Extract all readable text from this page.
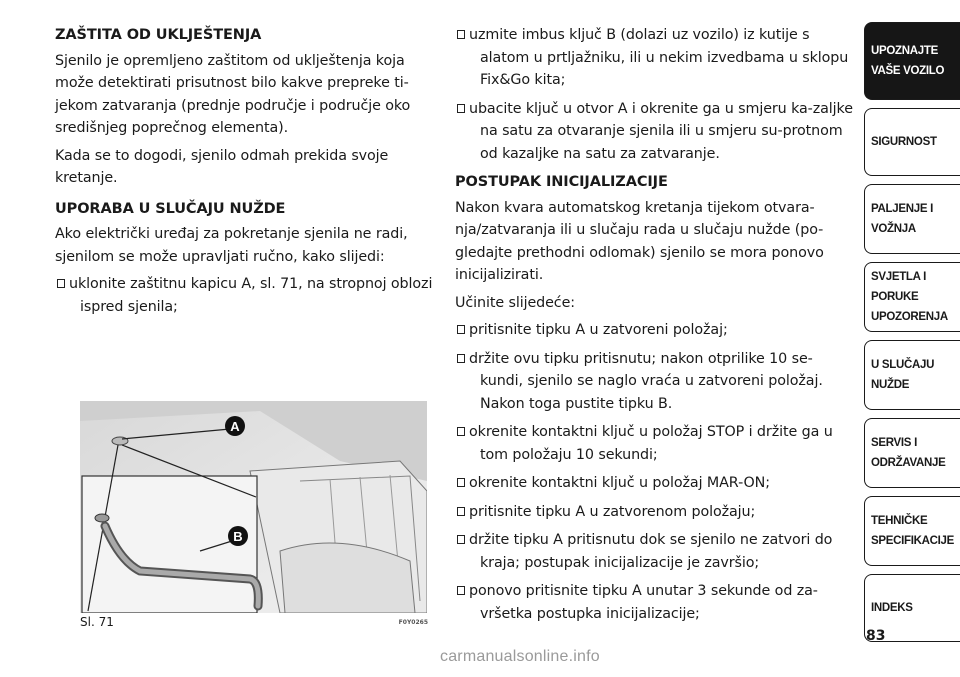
ZAŠTITA OD UKLJEŠTENJA
Sjenilo je opremljeno zaštitom od uklještenja koja može detektirati prisutnost bilo kakve prepreke ti-jekom zatvaranja (prednje područje i područje oko središnjeg poprečnog elementa).
Kada se to dogodi, sjenilo odmah prekida svoje kretanje.
UPORABA U SLUČAJU NUŽDE
Ako električki uređaj za pokretanje sjenila ne radi, sjenilom se može upravljati ručno, kako slijedi:
uklonite zaštitnu kapicu A, sl. 71, na stropnoj oblozi ispred sjenila;
A
B
Sl. 71	F0Y0265
uzmite imbus ključ B (dolazi uz vozilo) iz kutije s alatom u prtljažniku, ili u nekim izvedbama u sklopu Fix&Go kita;
ubacite ključ u otvor A i okrenite ga u smjeru ka-zaljke na satu za otvaranje sjenila ili u smjeru su-protnom od kazaljke na satu za zatvaranje.
POSTUPAK INICIJALIZACIJE
Nakon kvara automatskog kretanja tijekom otvara-nja/zatvaranja ili u slučaju rada u slučaju nužde (po-gledajte prethodni odlomak) sjenilo se mora ponovo inicijalizirati.
Učinite slijedeće:
pritisnite tipku A u zatvoreni položaj;
držite ovu tipku pritisnutu; nakon otprilike 10 se-kundi, sjenilo se naglo vraća u zatvoreni položaj. Nakon toga pustite tipku B.
okrenite kontaktni ključ u položaj STOP i držite ga u tom položaju 10 sekundi;
okrenite kontaktni ključ u položaj MAR-ON;
pritisnite tipku A u zatvorenom položaju;
držite tipku A pritisnutu dok se sjenilo ne zatvori do kraja; postupak inicijalizacije je završio;
ponovo pritisnite tipku A unutar 3 sekunde od za-vršetka postupka inicijalizacije;
UPOZNAJTE
VAŠE VOZILO
SIGURNOST
PALJENJE I
VOŽNJA
SVJETLA I PORUKE
UPOZORENJA
U SLUČAJU
NUŽDE
SERVIS I
ODRŽAVANJE
TEHNIČKE
SPECIFIKACIJE
INDEKS
83
carmanualsonline.info
